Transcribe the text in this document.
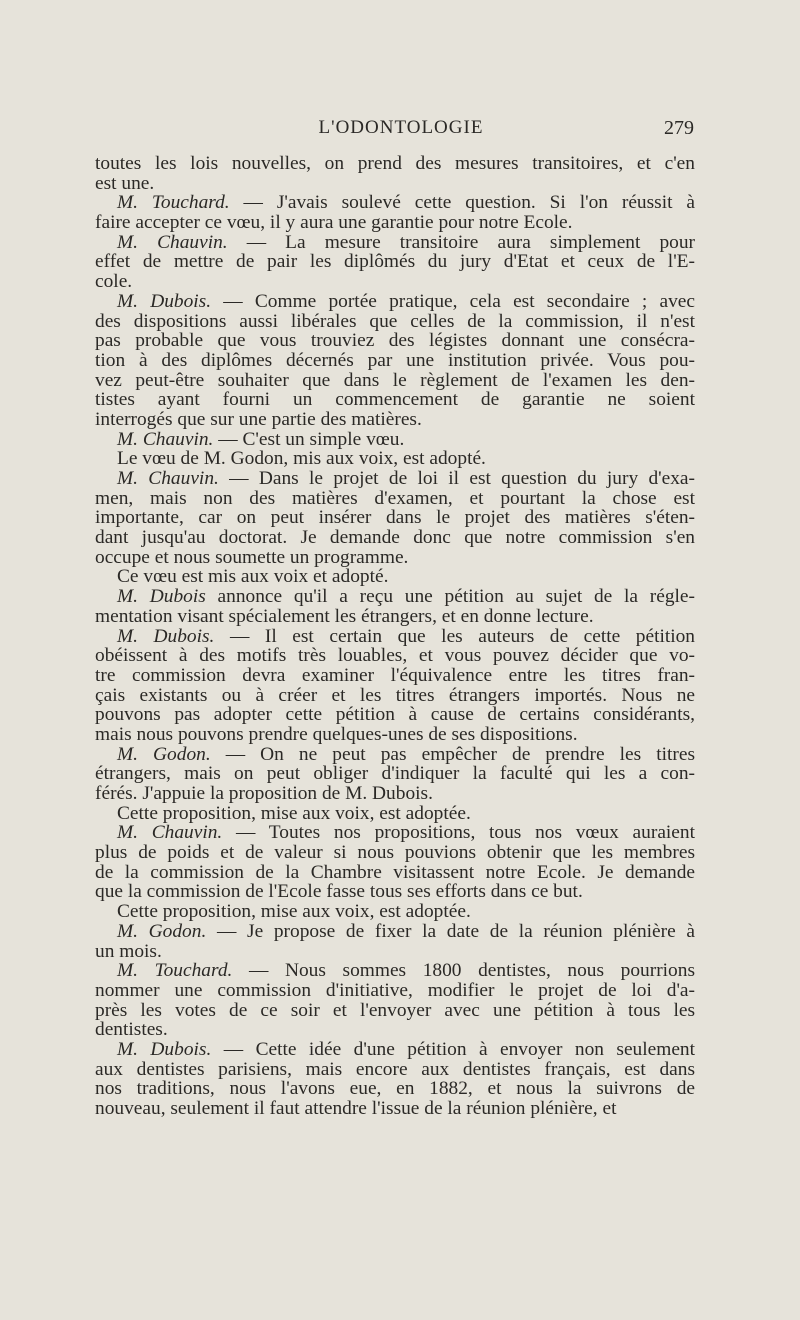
L'ODONTOLOGIE	279
toutes les lois nouvelles, on prend des mesures transitoires, et c'en
est une.
M. Touchard. — J'avais soulevé cette question. Si l'on réussit à
faire accepter ce vœu, il y aura une garantie pour notre Ecole.
M. Chauvin. — La mesure transitoire aura simplement pour
effet de mettre de pair les diplômés du jury d'Etat et ceux de l'E-
cole.
M. Dubois. — Comme portée pratique, cela est secondaire ; avec
des dispositions aussi libérales que celles de la commission, il n'est
pas probable que vous trouviez des légistes donnant une consécra-
tion à des diplômes décernés par une institution privée. Vous pou-
vez peut-être souhaiter que dans le règlement de l'examen les den-
tistes ayant fourni un commencement de garantie ne soient
interrogés que sur une partie des matières.
M. Chauvin. — C'est un simple vœu.
Le vœu de M. Godon, mis aux voix, est adopté.
M. Chauvin. — Dans le projet de loi il est question du jury d'exa-
men, mais non des matières d'examen, et pourtant la chose est
importante, car on peut insérer dans le projet des matières s'éten-
dant jusqu'au doctorat. Je demande donc que notre commission s'en
occupe et nous soumette un programme.
Ce vœu est mis aux voix et adopté.
M. Dubois annonce qu'il a reçu une pétition au sujet de la régle-
mentation visant spécialement les étrangers, et en donne lecture.
M. Dubois. — Il est certain que les auteurs de cette pétition
obéissent à des motifs très louables, et vous pouvez décider que vo-
tre commission devra examiner l'équivalence entre les titres fran-
çais existants ou à créer et les titres étrangers importés. Nous ne
pouvons pas adopter cette pétition à cause de certains considérants,
mais nous pouvons prendre quelques-unes de ses dispositions.
M. Godon. — On ne peut pas empêcher de prendre les titres
étrangers, mais on peut obliger d'indiquer la faculté qui les a con-
férés. J'appuie la proposition de M. Dubois.
Cette proposition, mise aux voix, est adoptée.
M. Chauvin. — Toutes nos propositions, tous nos vœux auraient
plus de poids et de valeur si nous pouvions obtenir que les membres
de la commission de la Chambre visitassent notre Ecole. Je demande
que la commission de l'Ecole fasse tous ses efforts dans ce but.
Cette proposition, mise aux voix, est adoptée.
M. Godon. — Je propose de fixer la date de la réunion plénière à
un mois.
M. Touchard. — Nous sommes 1800 dentistes, nous pourrions
nommer une commission d'initiative, modifier le projet de loi d'a-
près les votes de ce soir et l'envoyer avec une pétition à tous les
dentistes.
M. Dubois. — Cette idée d'une pétition à envoyer non seulement
aux dentistes parisiens, mais encore aux dentistes français, est dans
nos traditions, nous l'avons eue, en 1882, et nous la suivrons de
nouveau, seulement il faut attendre l'issue de la réunion plénière, et
